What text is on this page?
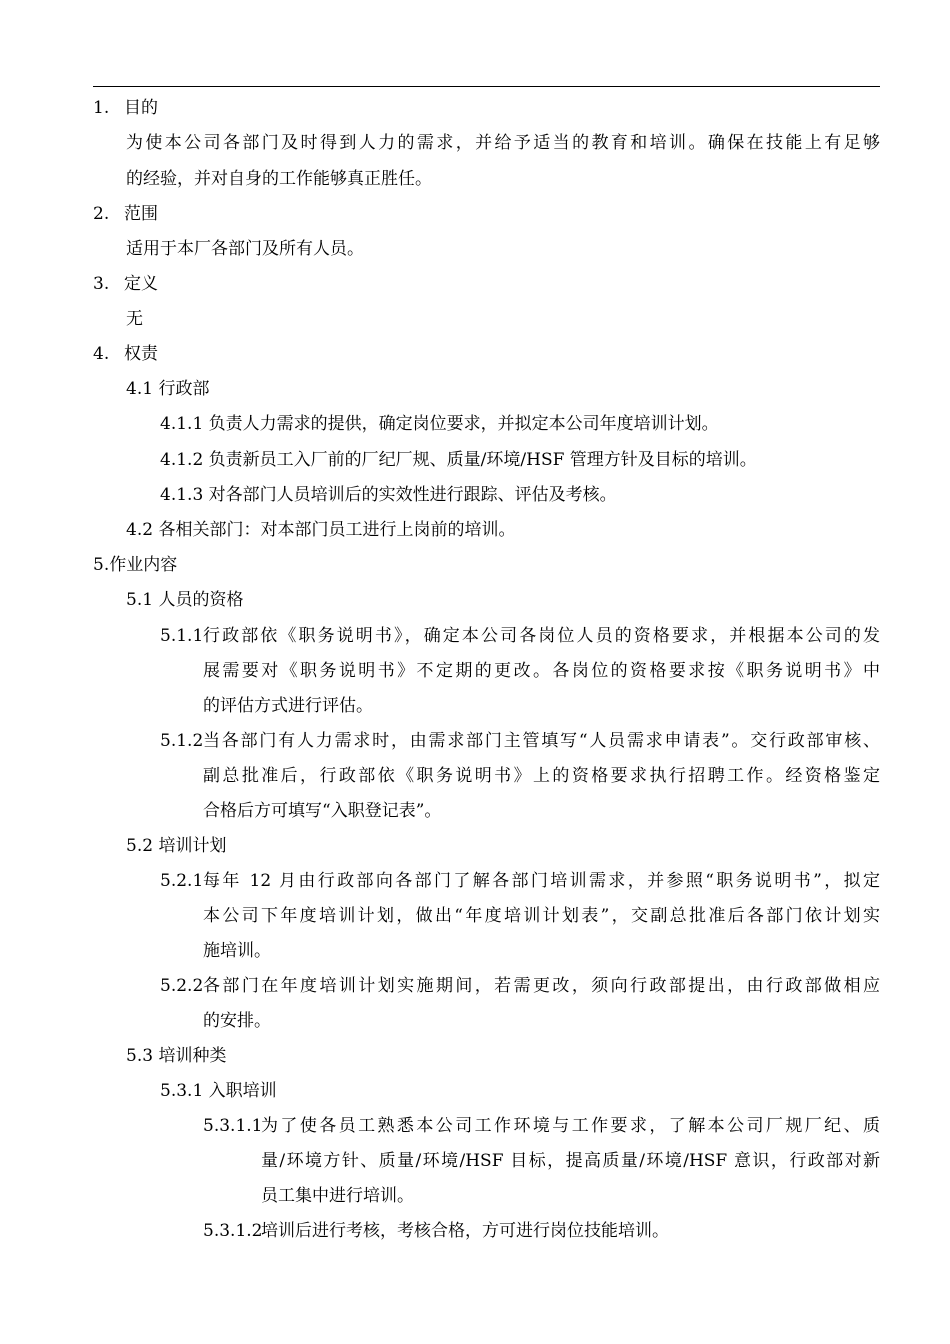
1. 目的
为使本公司各部门及时得到人力的需求，并给予适当的教育和培训。确保在技能上有足够
的经验，并对自身的工作能够真正胜任。
2. 范围
适用于本厂各部门及所有人员。
3. 定义
无
4. 权责
4.1 行政部
4.1.1 负责人力需求的提供，确定岗位要求，并拟定本公司年度培训计划。
4.1.2 负责新员工入厂前的厂纪厂规、质量/环境/HSF 管理方针及目标的培训。
4.1.3 对各部门人员培训后的实效性进行跟踪、评估及考核。
4.2 各相关部门：对本部门员工进行上岗前的培训。
5.作业内容
5.1 人员的资格
5.1.1 行政部依《职务说明书》，确定本公司各岗位人员的资格要求，并根据本公司的发
展需要对《职务说明书》不定期的更改。各岗位的资格要求按《职务说明书》中
的评估方式进行评估。
5.1.2 当各部门有人力需求时，由需求部门主管填写“人员需求申请表”。交行政部审核、
副总批准后，行政部依《职务说明书》上的资格要求执行招聘工作。经资格鉴定
合格后方可填写“入职登记表”。
5.2 培训计划
5.2.1 每年 12 月由行政部向各部门了解各部门培训需求，并参照“职务说明书”，拟定
本公司下年度培训计划，做出“年度培训计划表”，交副总批准后各部门依计划实
施培训。
5.2.2 各部门在年度培训计划实施期间，若需更改，须向行政部提出，由行政部做相应
的安排。
5.3 培训种类
5.3.1 入职培训
5.3.1.1
为了使各员工熟悉本公司工作环境与工作要求，了解本公司厂规厂纪、质
量/环境方针、质量/环境/HSF 目标，提高质量/环境/HSF 意识，行政部对新
员工集中进行培训。
5.3.1.2
培训后进行考核，考核合格，方可进行岗位技能培训。
